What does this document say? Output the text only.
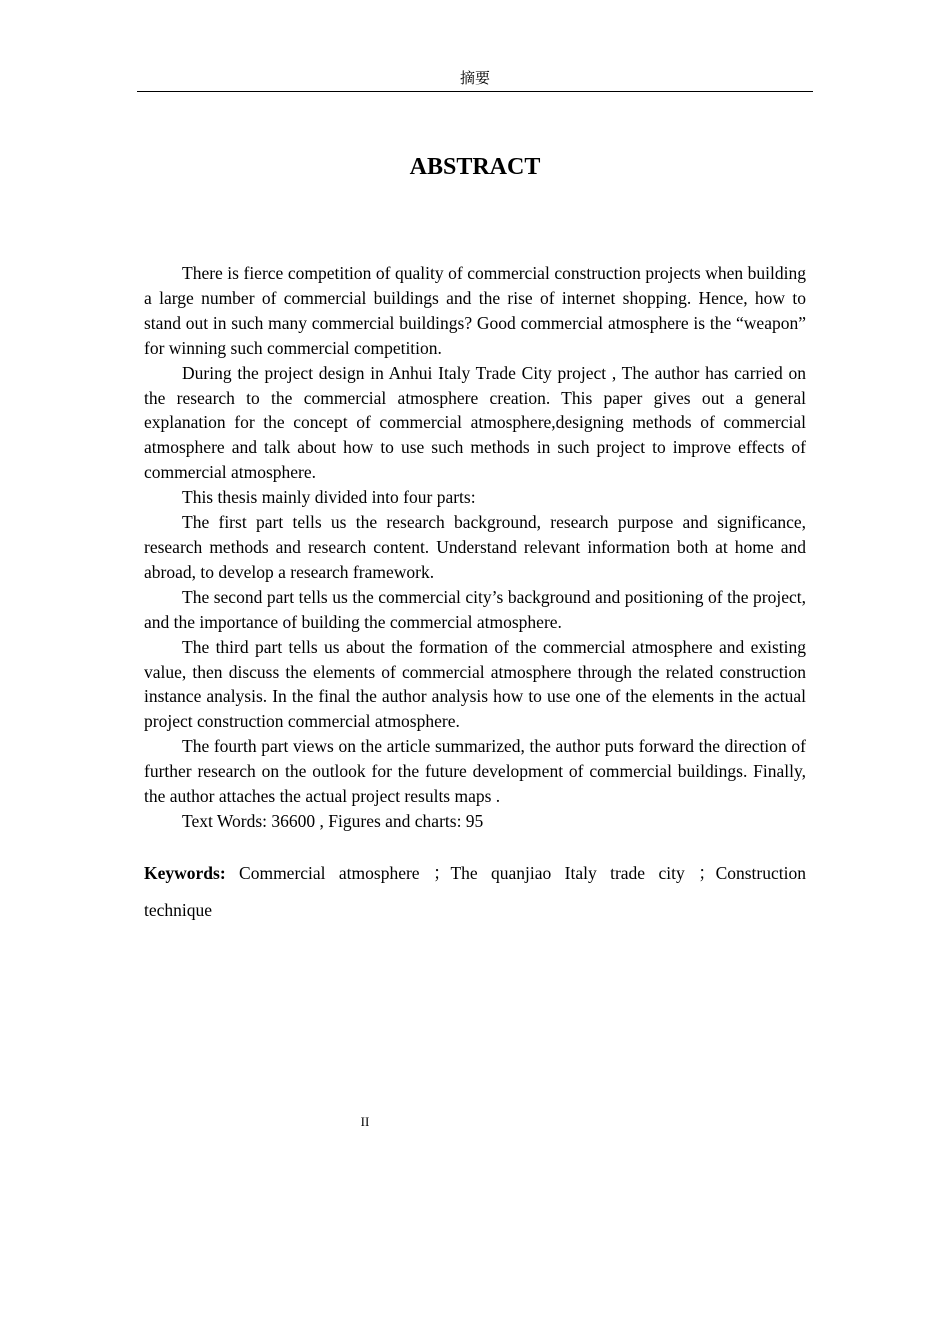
摘要
ABSTRACT

There is fierce competition of quality of commercial construction projects when building a large number of commercial buildings and the rise of internet shopping. Hence, how to stand out in such many commercial buildings? Good commercial atmosphere is the “weapon” for winning such commercial competition.

During the project design in Anhui Italy Trade City project , The author has carried on the research to the commercial atmosphere creation. This paper gives out a general explanation for the concept of commercial atmosphere,designing methods of commercial atmosphere and talk about how to use such methods in such project to improve effects of commercial atmosphere.

This thesis mainly divided into four parts:

The first part tells us the research background, research purpose and significance, research methods and research content. Understand relevant information both at home and abroad, to develop a research framework.

The second part tells us the commercial city’s background and positioning of the project, and the importance of building the commercial atmosphere.

The third part tells us about the formation of the commercial atmosphere and existing value, then discuss the elements of commercial atmosphere through the related construction instance analysis. In the final the author analysis how to use one of the elements in the actual project construction commercial atmosphere.

The fourth part views on the article summarized, the author puts forward the direction of further research on the outlook for the future development of commercial buildings. Finally, the author attaches the actual project results maps .

Text Words: 36600 , Figures and charts: 95

Keywords: Commercial atmosphere ；The quanjiao Italy trade city ；Construction technique

II
